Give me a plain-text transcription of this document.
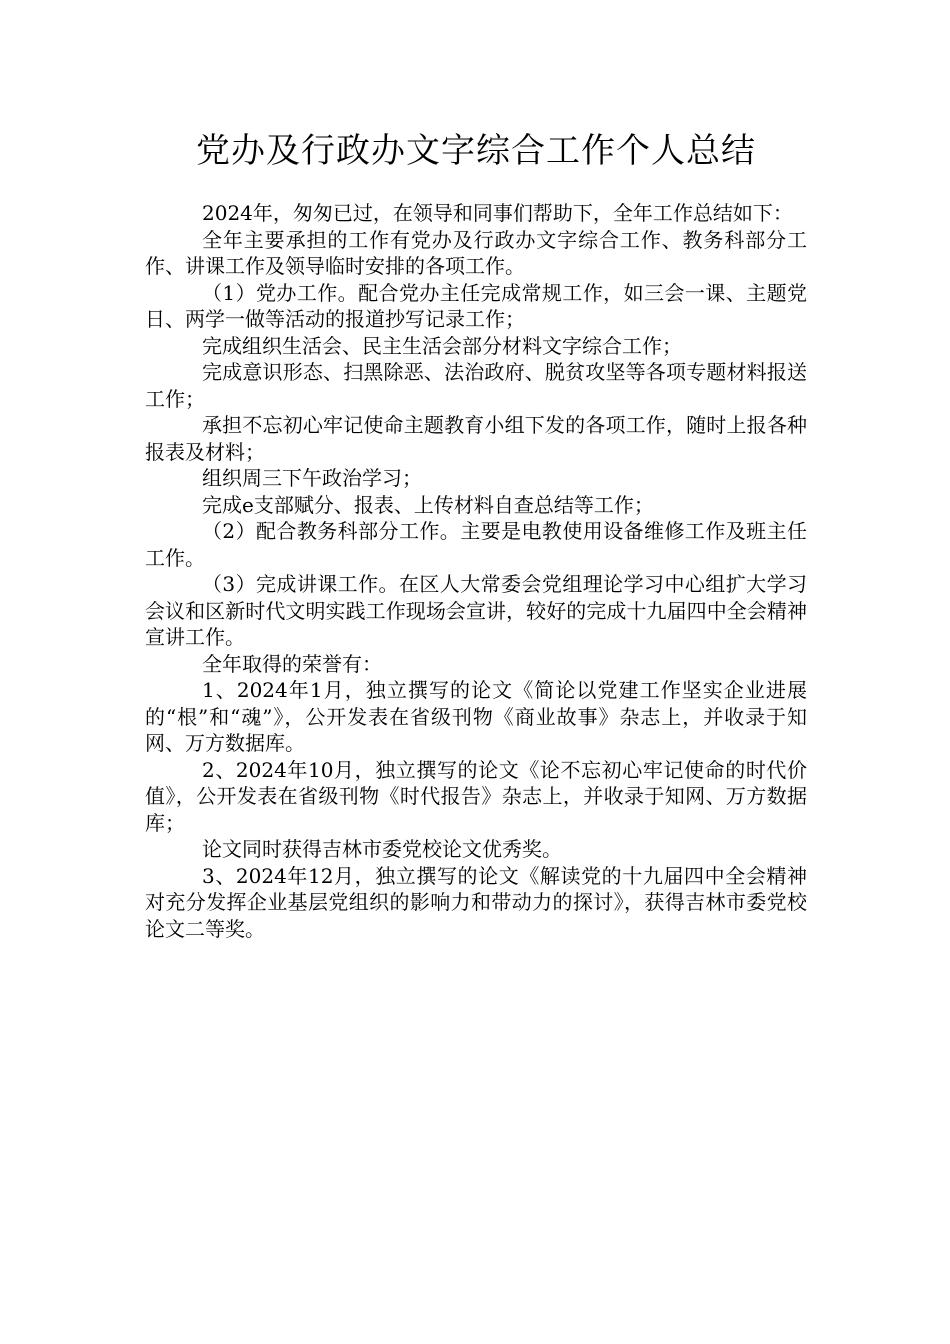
党办及行政办文字综合工作个人总结

2024年，匆匆已过，在领导和同事们帮助下，全年工作总结如下：

全年主要承担的工作有党办及行政办文字综合工作、教务科部分工作、讲课工作及领导临时安排的各项工作。

（1）党办工作。配合党办主任完成常规工作，如三会一课、主题党日、两学一做等活动的报道抄写记录工作；

完成组织生活会、民主生活会部分材料文字综合工作；

完成意识形态、扫黑除恶、法治政府、脱贫攻坚等各项专题材料报送工作；

承担不忘初心牢记使命主题教育小组下发的各项工作，随时上报各种报表及材料；

组织周三下午政治学习；

完成e支部赋分、报表、上传材料自查总结等工作；

（2）配合教务科部分工作。主要是电教使用设备维修工作及班主任工作。

（3）完成讲课工作。在区人大常委会党组理论学习中心组扩大学习会议和区新时代文明实践工作现场会宣讲，较好的完成十九届四中全会精神宣讲工作。

全年取得的荣誉有：

1、2024年1月，独立撰写的论文《简论以党建工作坚实企业进展的“根”和“魂”》，公开发表在省级刊物《商业故事》杂志上，并收录于知网、万方数据库。

2、2024年10月，独立撰写的论文《论不忘初心牢记使命的时代价值》，公开发表在省级刊物《时代报告》杂志上，并收录于知网、万方数据库；

论文同时获得吉林市委党校论文优秀奖。

3、2024年12月，独立撰写的论文《解读党的十九届四中全会精神对充分发挥企业基层党组织的影响力和带动力的探讨》，获得吉林市委党校论文二等奖。
